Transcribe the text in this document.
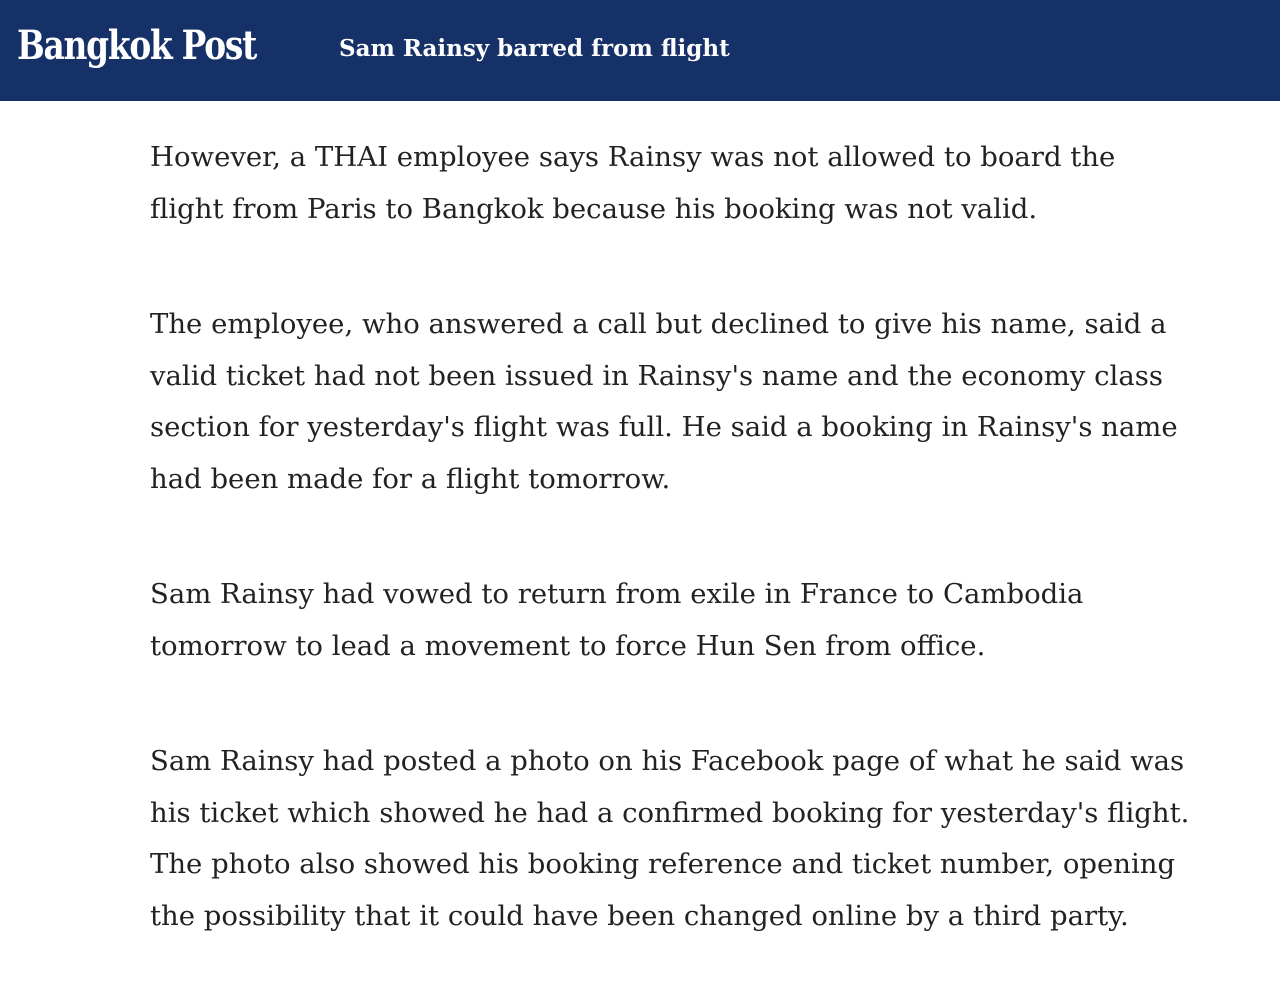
Bangkok Post	Sam Rainsy barred from flight

However, a THAI employee says Rainsy was not allowed to board the
flight from Paris to Bangkok because his booking was not valid.

The employee, who answered a call but declined to give his name, said a
valid ticket had not been issued in Rainsy's name and the economy class
section for yesterday's flight was full. He said a booking in Rainsy's name
had been made for a flight tomorrow.

Sam Rainsy had vowed to return from exile in France to Cambodia
tomorrow to lead a movement to force Hun Sen from office.

Sam Rainsy had posted a photo on his Facebook page of what he said was
his ticket which showed he had a confirmed booking for yesterday's flight.
The photo also showed his booking reference and ticket number, opening
the possibility that it could have been changed online by a third party.
